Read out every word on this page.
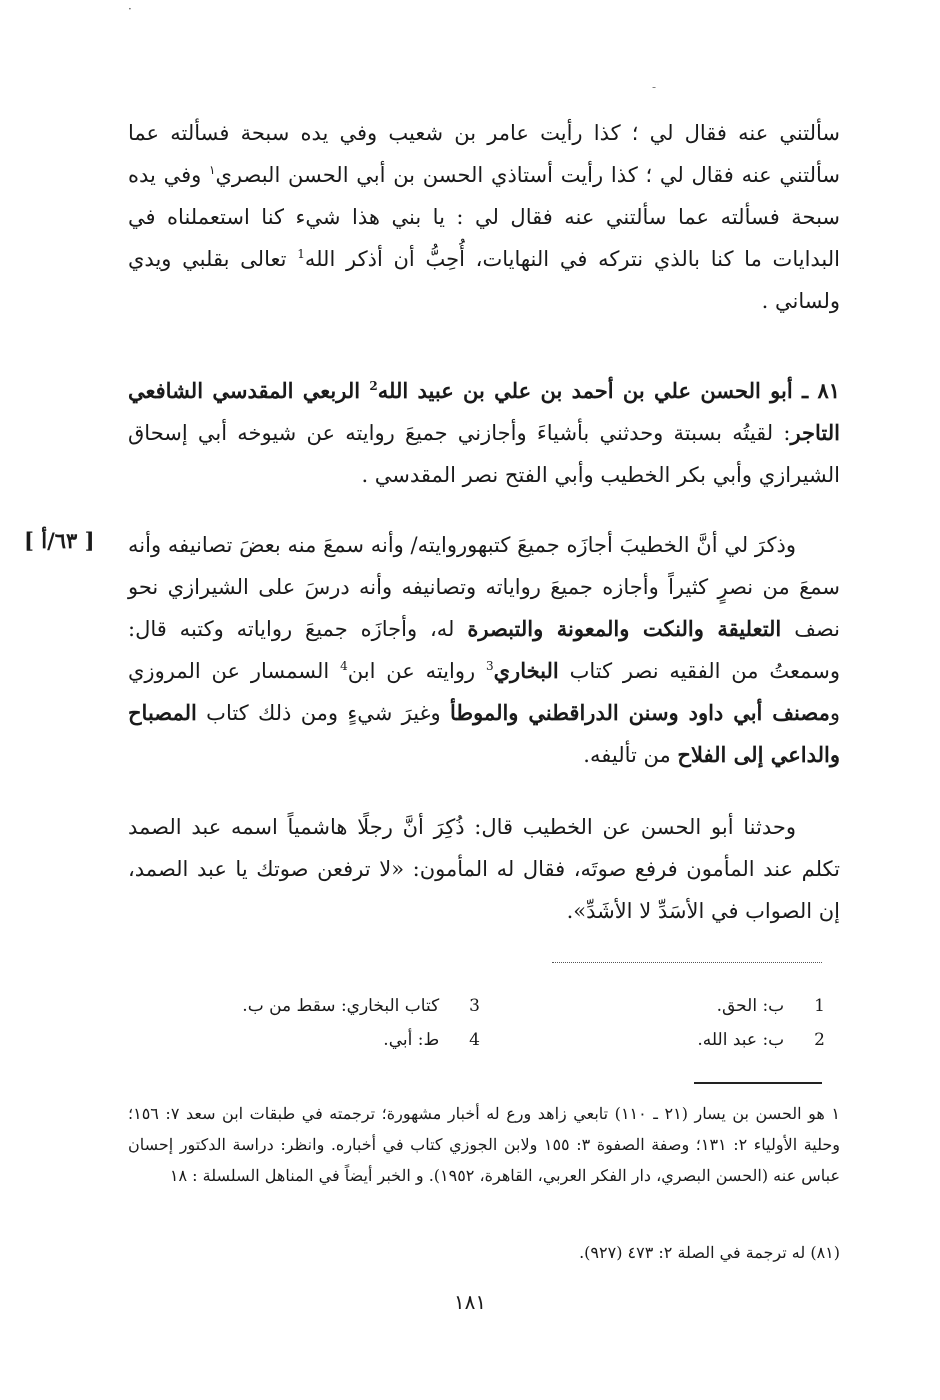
·
-

سألتني عنه فقال لي ؛ كذا رأيت عامر بن شعيب وفي يده سبحة فسألته عما سألتني عنه فقال لي ؛ كذا رأيت أستاذي الحسن بن أبي الحسن البصري$^١$ وفي يده سبحة فسألته عما سألتني عنه فقال لي : يا بني هذا شيء كنا استعملناه في البدايات ما كنا بالذي نتركه في النهايات، أُحِبُّ أن أذكر الله$^1$ تعالى بقلبي ويدي ولساني .

٨١ ـ أبو الحسن علي بن أحمد بن علي بن عبيد الله$^2$ الربعي المقدسي الشافعي التاجر: لقيتُه بسبتة وحدثني بأشياءَ وأجازني جميعَ روايته عن شيوخه أبي إسحاق الشيرازي وأبي بكر الخطيب وأبي الفتح نصر المقدسي .

[ ٦٣/أ ] وذكرَ لي أنَّ الخطيبَ أجازَه جميعَ كتبهوروايته/ وأنه سمعَ منه بعضَ تصانيفه وأنه سمعَ من نصرٍ كثيراً وأجازه جميعَ رواياته وتصانيفه وأنه درسَ على الشيرازي نحو نصف التعليقة والنكت والمعونة والتبصرة له، وأجازَه جميعَ رواياته وكتبه قال: وسمعتُ من الفقيه نصر كتاب البخاري$^3$ روايته عن ابن$^4$ السمسار عن المروزي ومصنف أبي داود وسنن الدراقطني والموطأ وغيرَ شيءٍ ومن ذلك كتاب المصباح والداعي إلى الفلاح من تأليفه.

وحدثنا أبو الحسن عن الخطيب قال: ذُكِرَ أنَّ رجلًا هاشمياً اسمه عبد الصمد تكلم عند المأمون فرفع صوتَه، فقال له المأمون: «لا ترفعن صوتك يا عبد الصمد، إن الصواب في الأسَدِّ لا الأشَدِّ».

1  ب: الحق.
2  ب: عبد الله.
3  كتاب البخاري: سقط من ب.
4  ط: أبي.

١ هو الحسن بن يسار (٢١ ـ ١١٠) تابعي زاهد ورع له أخبار مشهورة؛ ترجمته في طبقات ابن سعد ٧: ١٥٦؛ وحلية الأولياء ٢: ١٣١؛ وصفة الصفوة ٣: ١٥٥ ولابن الجوزي كتاب في أخباره. وانظر: دراسة الدكتور إحسان عباس عنه (الحسن البصري، دار الفكر العربي، القاهرة، ١٩٥٢). و الخبر أيضاً في المناهل السلسلة : ١٨

(٨١) له ترجمة في الصلة ٢: ٤٧٣ (٩٢٧).

١٨١
